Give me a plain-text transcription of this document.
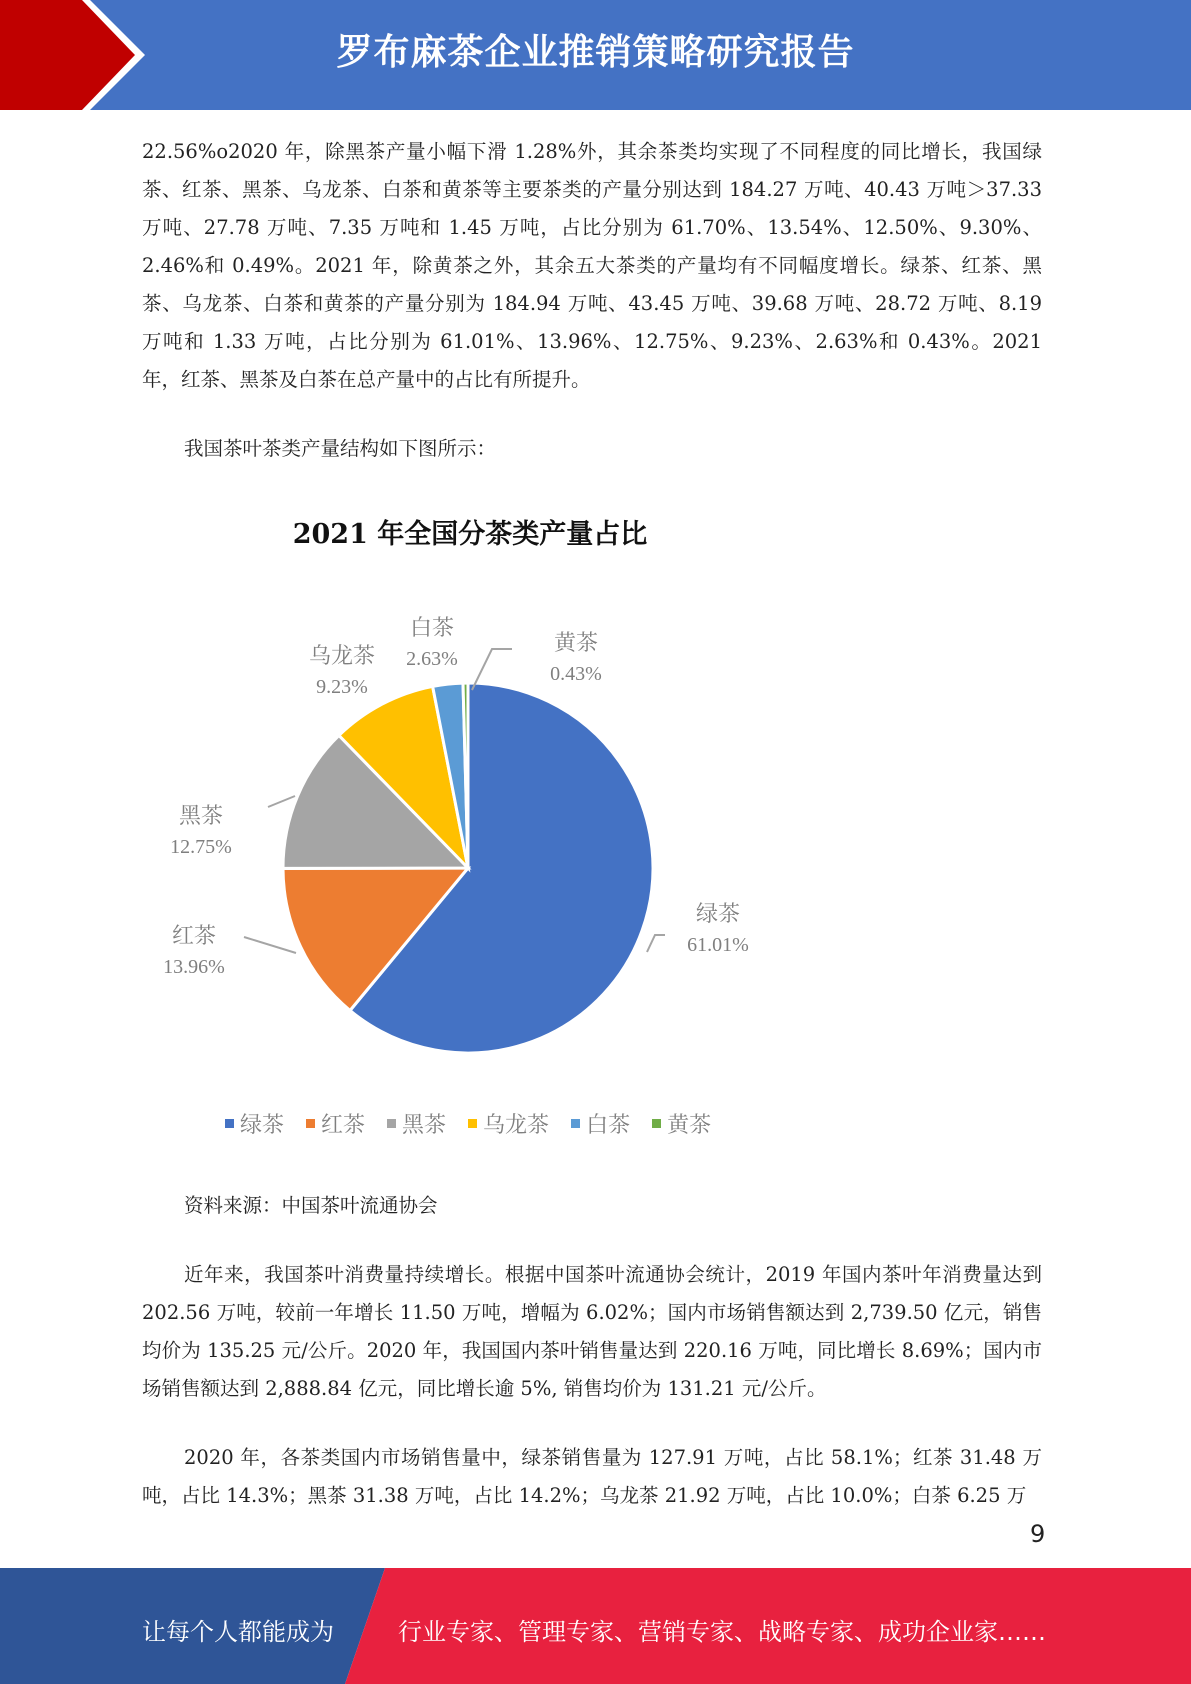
罗布麻茶企业推销策略研究报告

22.56%o2020 年，除黑茶产量小幅下滑 1.28%外，其余茶类均实现了不同程度的同比增长，我国绿茶、红茶、黑茶、乌龙茶、白茶和黄茶等主要茶类的产量分别达到 184.27 万吨、40.43 万吨＞37.33 万吨、27.78 万吨、7.35 万吨和 1.45 万吨，占比分别为 61.70%、13.54%、12.50%、9.30%、2.46%和 0.49%。2021 年，除黄茶之外，其余五大茶类的产量均有不同幅度增长。绿茶、红茶、黑茶、乌龙茶、白茶和黄茶的产量分别为 184.94 万吨、43.45 万吨、39.68 万吨、28.72 万吨、8.19 万吨和 1.33 万吨，占比分别为 61.01%、13.96%、12.75%、9.23%、2.63%和 0.43%。2021 年，红茶、黑茶及白茶在总产量中的占比有所提升。

我国茶叶茶类产量结构如下图所示：

2021 年全国分茶类产量占比
绿茶
61.01%
红茶
13.96%
黑茶
12.75%
乌龙茶
9.23%
白茶
2.63%
黄茶
0.43%
绿茶 红茶 黑茶 乌龙茶 白茶 黄茶

资料来源：中国茶叶流通协会

近年来，我国茶叶消费量持续增长。根据中国茶叶流通协会统计，2019 年国内茶叶年消费量达到 202.56 万吨，较前一年增长 11.50 万吨，增幅为 6.02%；国内市场销售额达到 2,739.50 亿元，销售均价为 135.25 元/公斤。2020 年，我国国内茶叶销售量达到 220.16 万吨，同比增长 8.69%；国内市场销售额达到 2,888.84 亿元，同比增长逾 5%, 销售均价为 131.21 元/公斤。

2020 年，各茶类国内市场销售量中，绿茶销售量为 127.91 万吨，占比 58.1%；红茶 31.48 万吨，占比 14.3%；黑茶 31.38 万吨，占比 14.2%；乌龙茶 21.92 万吨，占比 10.0%；白茶 6.25 万

9
让每个人都能成为	行业专家、管理专家、营销专家、战略专家、成功企业家……
